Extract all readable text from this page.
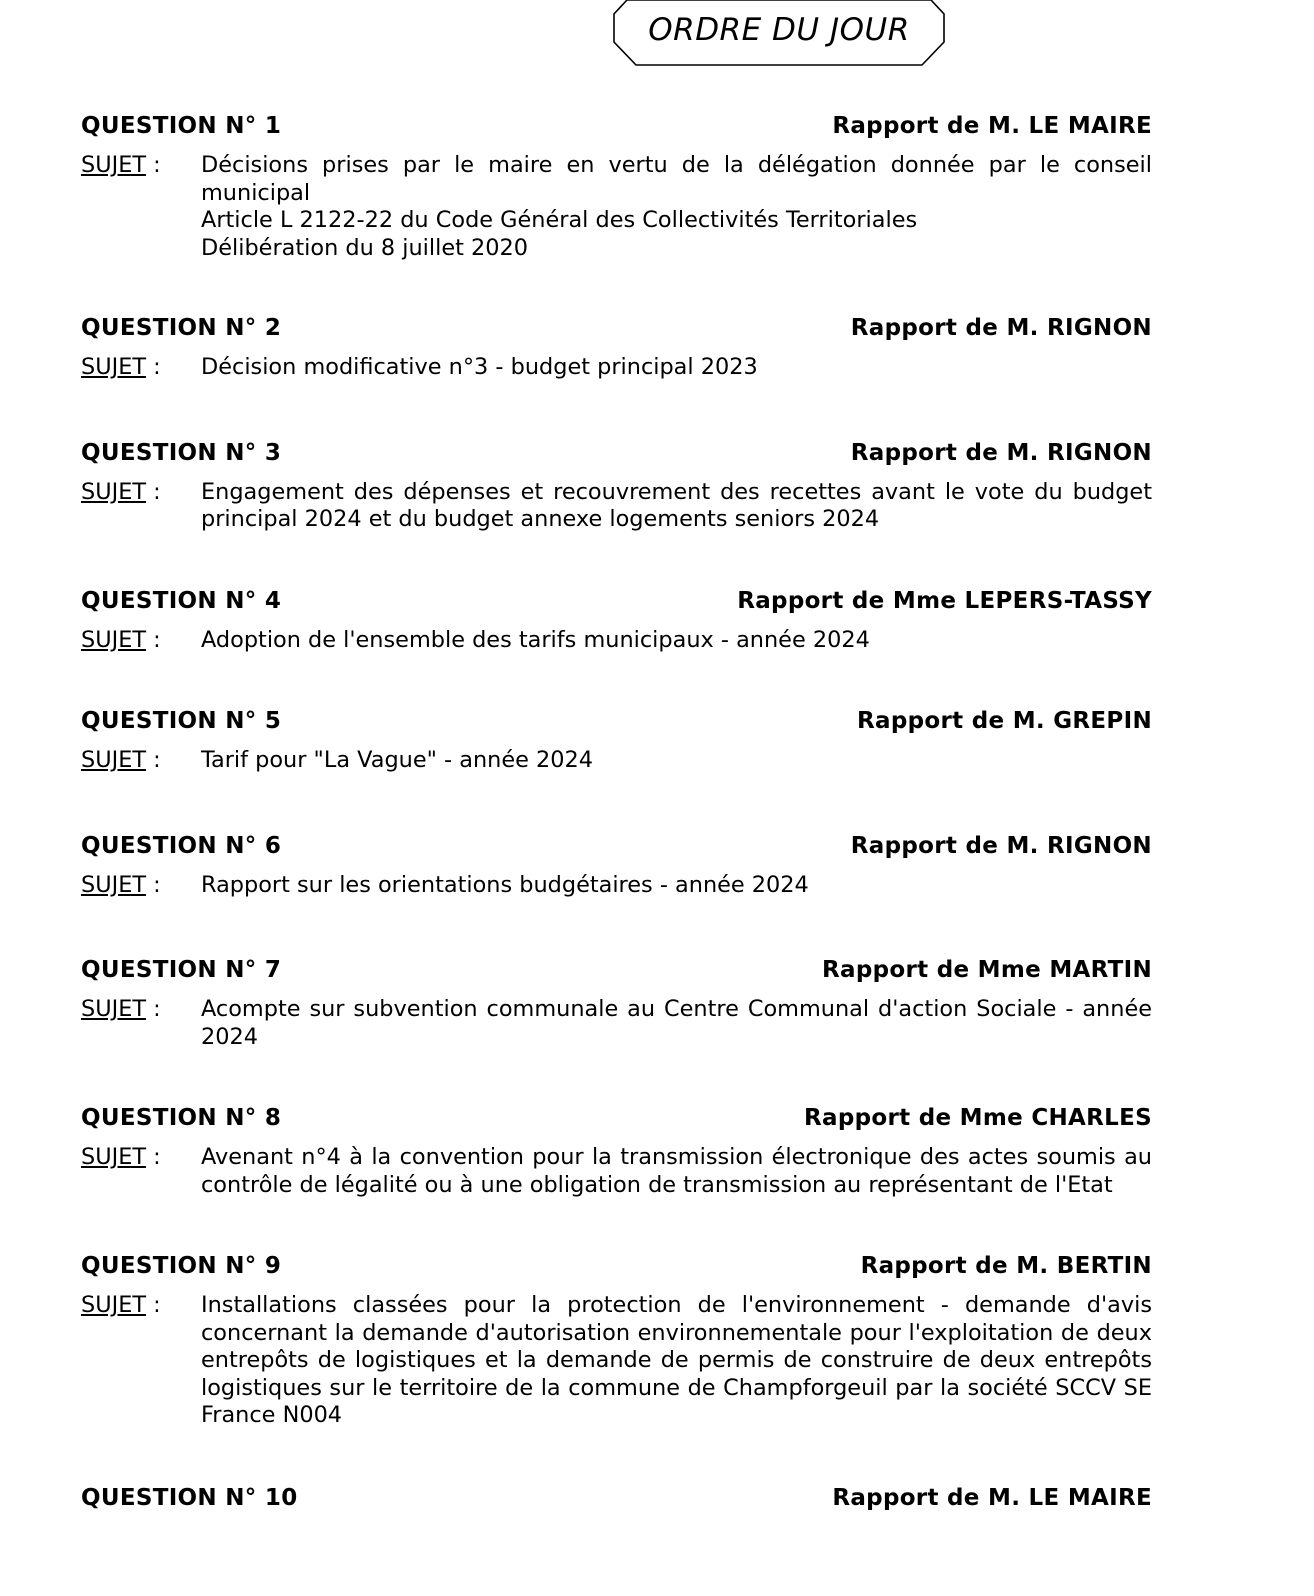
ORDRE DU JOUR
QUESTION N° 1	Rapport de M. LE MAIRE
SUJET :	Décisions prises par le maire en vertu de la délégation donnée par le conseil municipal
Article L 2122-22 du Code Général des Collectivités Territoriales
Délibération du 8 juillet 2020
QUESTION N° 2	Rapport de M. RIGNON
SUJET :	Décision modificative n°3 - budget principal 2023
QUESTION N° 3	Rapport de M. RIGNON
SUJET :	Engagement des dépenses et recouvrement des recettes avant le vote du budget principal 2024 et du budget annexe logements seniors 2024
QUESTION N° 4	Rapport de Mme LEPERS-TASSY
SUJET :	Adoption de l'ensemble des tarifs municipaux - année 2024
QUESTION N° 5	Rapport de M. GREPIN
SUJET :	Tarif pour "La Vague" - année 2024
QUESTION N° 6	Rapport de M. RIGNON
SUJET :	Rapport sur les orientations budgétaires - année 2024
QUESTION N° 7	Rapport de Mme MARTIN
SUJET :	Acompte sur subvention communale au Centre Communal d'action Sociale - année 2024
QUESTION N° 8	Rapport de Mme CHARLES
SUJET :	Avenant n°4 à la convention pour la transmission électronique des actes soumis au contrôle de légalité ou à une obligation de transmission au représentant de l'Etat
QUESTION N° 9	Rapport de M. BERTIN
SUJET :	Installations classées pour la protection de l'environnement - demande d'avis concernant la demande d'autorisation environnementale pour l'exploitation de deux entrepôts de logistiques et la demande de permis de construire de deux entrepôts logistiques sur le territoire de la commune de Champforgeuil par la société SCCV SE France N004
QUESTION N° 10	Rapport de M. LE MAIRE
